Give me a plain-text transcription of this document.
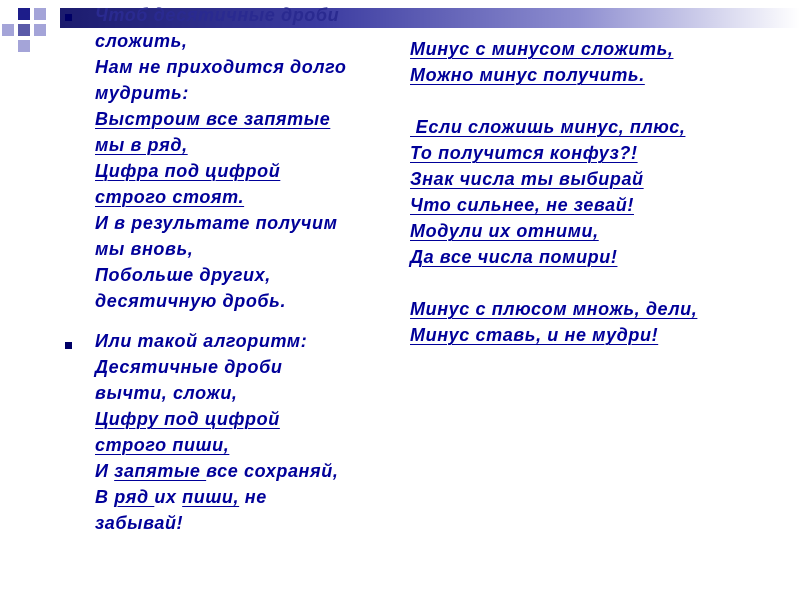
Чтоб десятичные дроби
сложить,
Нам не приходится долго
мудрить:
Выстроим все запятые
мы в ряд,
Цифра под цифрой
строго стоят.
И в результате получим
мы вновь,
Побольше других,
десятичную дробь.
Или такой алгоритм:
Десятичные дроби
вычти, сложи,
Цифру под цифрой
строго пиши,
И запятые все сохраняй,
В ряд их пиши, не
забывай!
Минус с минусом сложить,
Можно минус получить.
Если сложишь минус, плюс,
То получится конфуз?!
Знак числа ты выбирай
Что сильнее, не зевай!
Модули их отними,
Да все числа помири!
Минус с плюсом множь, дели,
Минус ставь, и не мудри!
